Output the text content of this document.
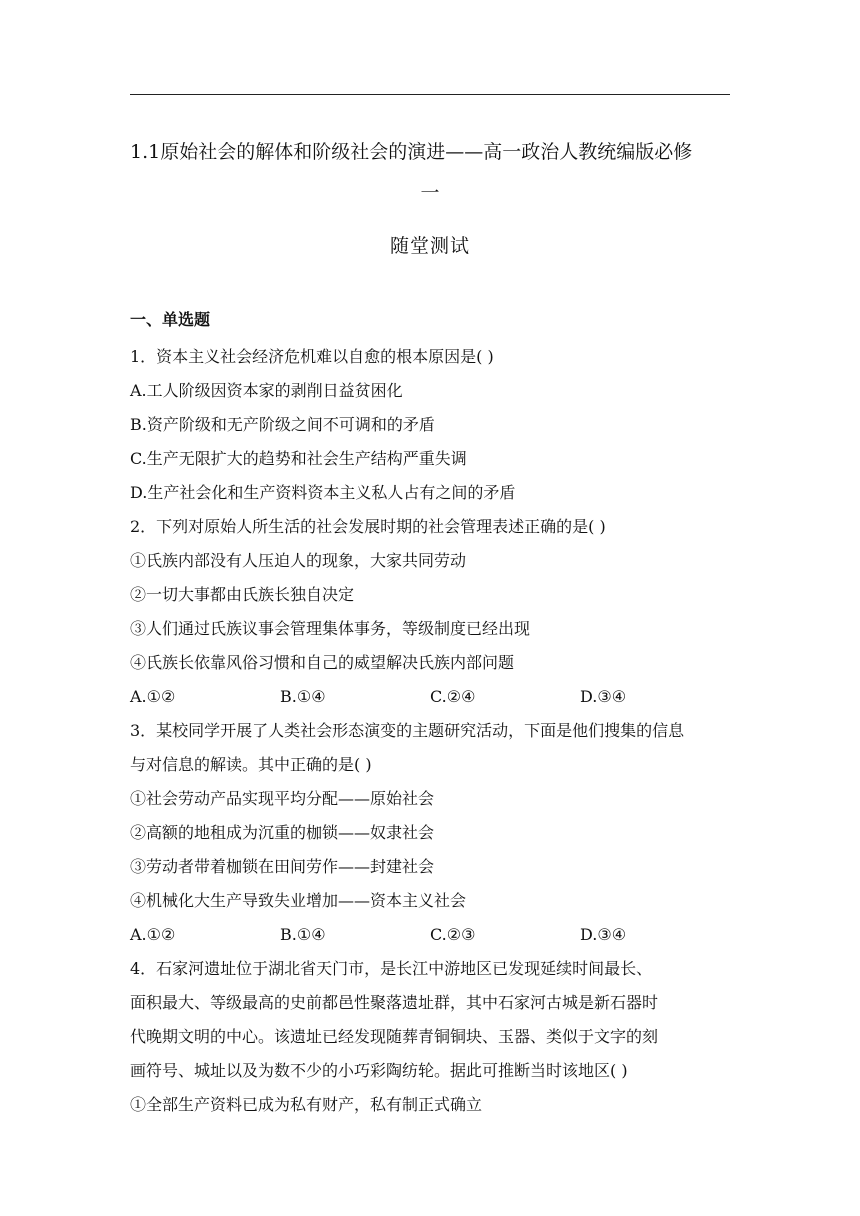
1.1原始社会的解体和阶级社会的演进——高一政治人教统编版必修
一
随堂测试
一、单选题
1．资本主义社会经济危机难以自愈的根本原因是( )
A.工人阶级因资本家的剥削日益贫困化
B.资产阶级和无产阶级之间不可调和的矛盾
C.生产无限扩大的趋势和社会生产结构严重失调
D.生产社会化和生产资料资本主义私人占有之间的矛盾
2．下列对原始人所生活的社会发展时期的社会管理表述正确的是( )
①氏族内部没有人压迫人的现象，大家共同劳动
②一切大事都由氏族长独自决定
③人们通过氏族议事会管理集体事务，等级制度已经出现
④氏族长依靠风俗习惯和自己的威望解决氏族内部问题
A.①②	B.①④	C.②④	D.③④
3．某校同学开展了人类社会形态演变的主题研究活动，下面是他们搜集的信息
与对信息的解读。其中正确的是( )
①社会劳动产品实现平均分配——原始社会
②高额的地租成为沉重的枷锁——奴隶社会
③劳动者带着枷锁在田间劳作——封建社会
④机械化大生产导致失业增加——资本主义社会
A.①②	B.①④	C.②③	D.③④
4．石家河遗址位于湖北省天门市，是长江中游地区已发现延续时间最长、
面积最大、等级最高的史前都邑性聚落遗址群，其中石家河古城是新石器时
代晚期文明的中心。该遗址已经发现随葬青铜铜块、玉器、类似于文字的刻
画符号、城址以及为数不少的小巧彩陶纺轮。据此可推断当时该地区( )
①全部生产资料已成为私有财产，私有制正式确立
